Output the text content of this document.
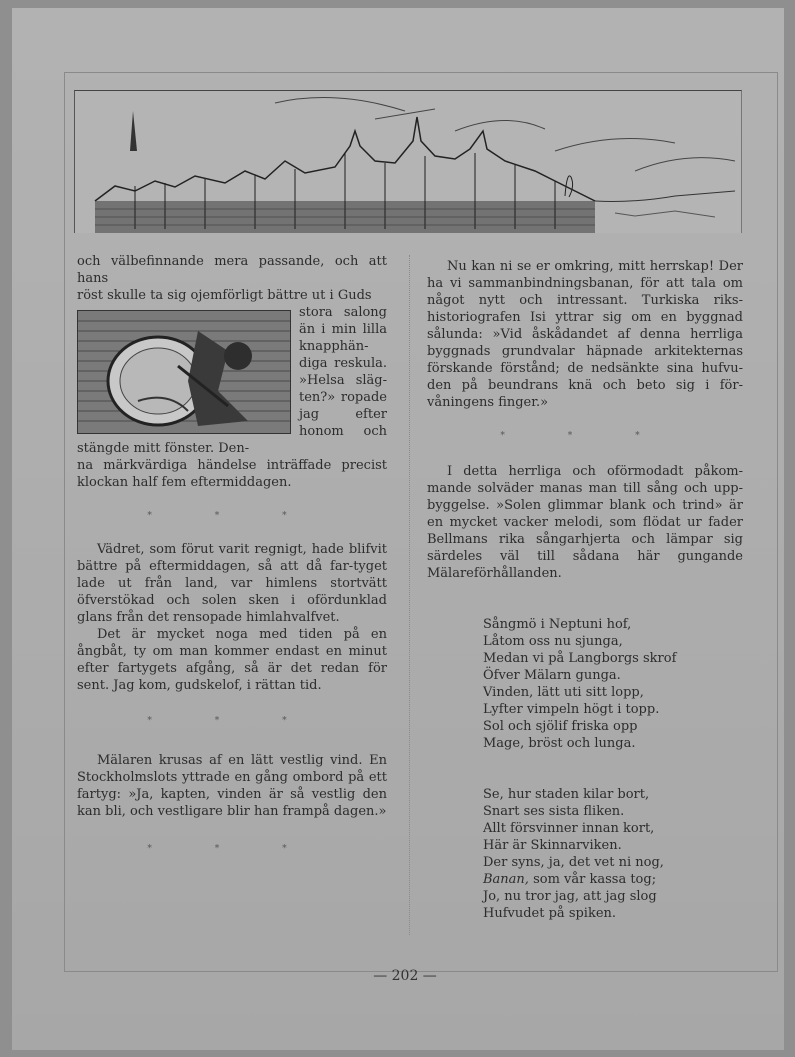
och välbefinnande mera passande, och att hans

röst skulle ta sig ojemförligt bättre ut i Guds

stora salong än i min lilla knapphän-diga reskula. »Helsa släg-ten?» ropade jag efter honom och stängde mitt fönster. Den-

na märkvärdiga händelse inträffade precist klockan half fem eftermiddagen.

* * *

Vädret, som förut varit regnigt, hade blifvit bättre på eftermiddagen, så att då far-tyget lade ut från land, var himlens stortvätt öfverstökad och solen sken i ofördunklad glans från det rensopade himlahvalfvet.

Det är mycket noga med tiden på en ångbåt, ty om man kommer endast en minut efter fartygets afgång, så är det redan för sent. Jag kom, gudskelof, i rättan tid.

* * *

Mälaren krusas af en lätt vestlig vind. En Stockholmslots yttrade en gång ombord på ett fartyg: »Ja, kapten, vinden är så vestlig den kan bli, och vestligare blir han frampå dagen.»

* * *

Nu kan ni se er omkring, mitt herrskap! Der ha vi sammanbindningsbanan, för att tala om något nytt och intressant. Turkiska riks-historiografen Isi yttrar sig om en byggnad sålunda: »Vid åskådandet af denna herrliga byggnads grundvalar häpnade arkitekternas förskande förstånd; de nedsänkte sina hufvu-den på beundrans knä och beto sig i för-våningens finger.»

* * *

I detta herrliga och oförmodadt påkom-mande solväder manas man till sång och upp-byggelse. »Solen glimmar blank och trind» är en mycket vacker melodi, som flödat ur fader Bellmans rika sångarhjerta och lämpar sig särdeles väl till sådana här gungande Mälareförhållanden.

Sångmö i Neptuni hof,
Låtom oss nu sjunga,
Medan vi på Langborgs skrof
Öfver Mälarn gunga.
Vinden, lätt uti sitt lopp,
Lyfter vimpeln högt i topp.
Sol och sjölif friska opp
Mage, bröst och lunga.
Se, hur staden kilar bort,
Snart ses sista fliken.
Allt försvinner innan kort,
Här är Skinnarviken.
Der syns, ja, det vet ni nog,
Banan, som vår kassa tog;
Jo, nu tror jag, att jag slog
Hufvudet på spiken.
— 202 —
